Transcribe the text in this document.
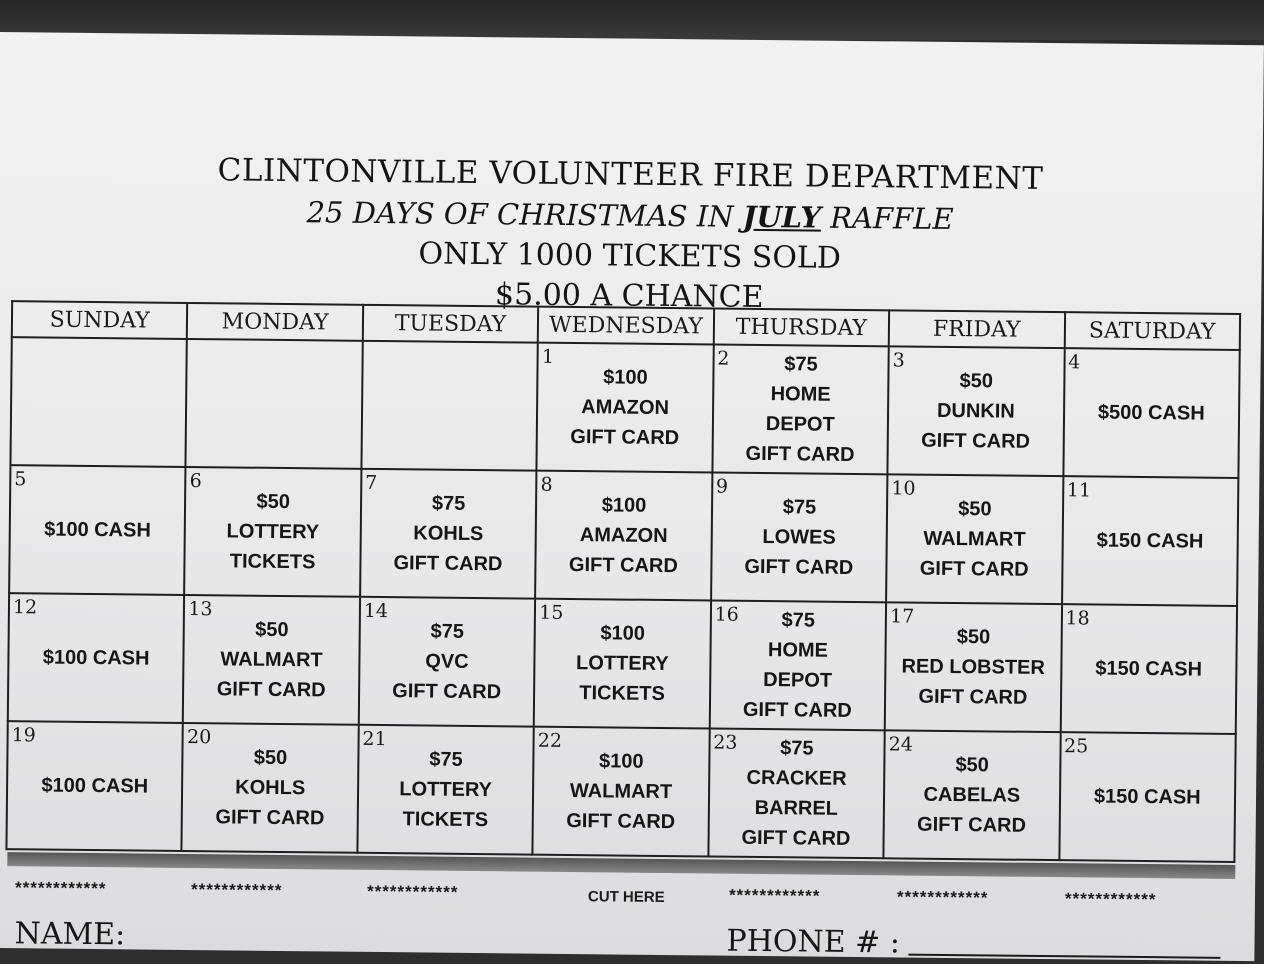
CLINTONVILLE VOLUNTEER FIRE DEPARTMENT
25 DAYS OF CHRISTMAS IN JULY RAFFLE
ONLY 1000 TICKETS SOLD
$5.00 A CHANCE
SUNDAY	MONDAY	TUESDAY	WEDNESDAY	THURSDAY	FRIDAY	SATURDAY

			1
$100
AMAZON
GIFT CARD	2 $75
HOME
DEPOT
GIFT CARD	3
$50
DUNKIN
GIFT CARD	4
$500 CASH

5
$100 CASH	6
$50
LOTTERY
TICKETS	7
$75
KOHLS
GIFT CARD	8
$100
AMAZON
GIFT CARD	9
$75
LOWES
GIFT CARD	10
$50
WALMART
GIFT CARD	11
$150 CASH

12
$100 CASH	13
$50
WALMART
GIFT CARD	14
$75
QVC
GIFT CARD	15
$100
LOTTERY
TICKETS	16 $75
HOME
DEPOT
GIFT CARD	17
$50
RED LOBSTER
GIFT CARD	18
$150 CASH

19
$100 CASH	20
$50
KOHLS
GIFT CARD	21
$75
LOTTERY
TICKETS	22
$100
WALMART
GIFT CARD	23 $75
CRACKER
BARREL
GIFT CARD	24
$50
CABELAS
GIFT CARD	25
$150 CASH
************	************	************	CUT HERE	************	************	************
NAME:	PHONE # :
